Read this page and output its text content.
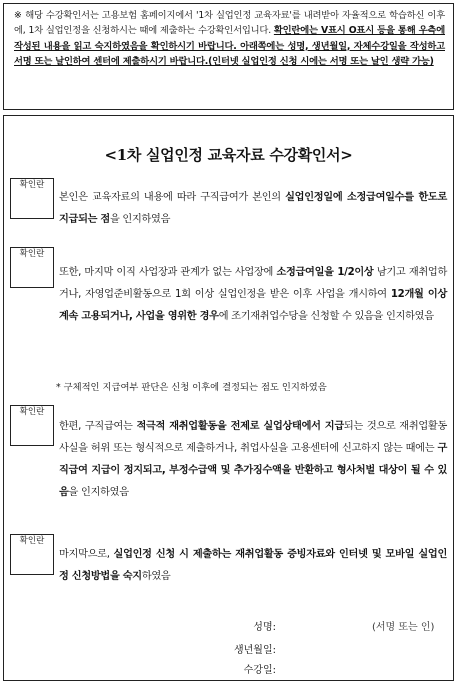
※ 해당 수강확인서는 고용보험 홈페이지에서 '1차 실업인정 교육자료'를 내려받아 자율적으로 학습하신 이후에, 1차 실업인정을 신청하시는 때에 제출하는 수강확인서입니다. 확인란에는 V표시 O표시 등을 통해 우측에 작성된 내용을 읽고 숙지하였음을 확인하시기 바랍니다. 아래쪽에는 성명, 생년월일, 자체수강일을 작성하고 서명 또는 날인하여 센터에 제출하시기 바랍니다.(인터넷 실업인정 신청 시에는 서명 또는 날인 생략 가능)
<1차 실업인정 교육자료 수강확인서>
확인란
본인은 교육자료의 내용에 따라 구직급여가 본인의 실업인정일에 소정급여일수를 한도로 지급되는 점을 인지하였음
확인란
또한, 마지막 이직 사업장과 관계가 없는 사업장에 소정급여일을 1/2이상 남기고 재취업하거나, 자영업준비활동으로 1회 이상 실업인정을 받은 이후 사업을 개시하여 12개월 이상 계속 고용되거나, 사업을 영위한 경우에 조기재취업수당을 신청할 수 있음을 인지하였음
* 구체적인 지급여부 판단은 신청 이후에 결정되는 점도 인지하였음
확인란
한편, 구직급여는 적극적 재취업활동을 전제로 실업상태에서 지급되는 것으로 재취업활동 사실을 허위 또는 형식적으로 제출하거나, 취업사실을 고용센터에 신고하지 않는 때에는 구직급여 지급이 정지되고, 부정수급액 및 추가징수액을 반환하고 형사처벌 대상이 될 수 있음을 인지하였음
확인란
마지막으로, 실업인정 신청 시 제출하는 재취업활동 증빙자료와 인터넷 및 모바일 실업인정 신청방법을 숙지하였음
성명:	(서명 또는 인)
생년월일:
수강일:
